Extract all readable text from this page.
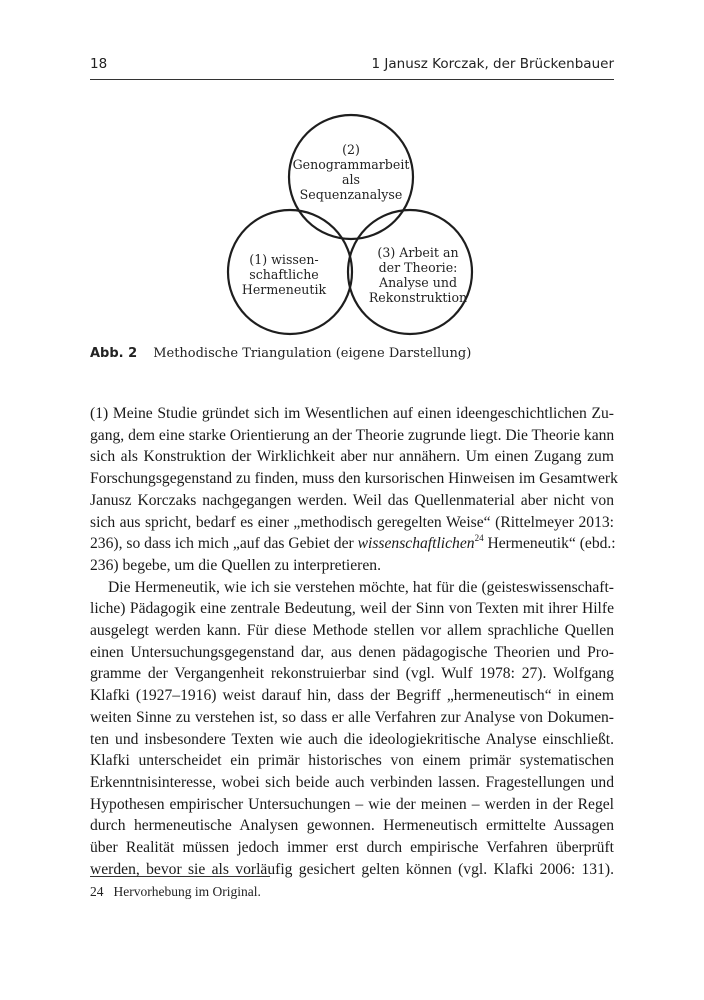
18	1 Janusz Korczak, der Brückenbauer
(2)
Genogrammarbeit
als
Sequenzanalyse
(1) wissen-
schaftliche
Hermeneutik
(3) Arbeit an
der Theorie:
Analyse und
Rekonstruktion
Abb. 2 Methodische Triangulation (eigene Darstellung)
(1) Meine Studie gründet sich im Wesentlichen auf einen ideengeschichtlichen Zu-
gang, dem eine starke Orientierung an der Theorie zugrunde liegt. Die Theorie kann
sich als Konstruktion der Wirklichkeit aber nur annähern. Um einen Zugang zum
Forschungsgegenstand zu finden, muss den kursorischen Hinweisen im Gesamtwerk
Janusz Korczaks nachgegangen werden. Weil das Quellenmaterial aber nicht von
sich aus spricht, bedarf es einer „methodisch geregelten Weise“ (Rittelmeyer 2013:
236), so dass ich mich „auf das Gebiet der wissenschaftlichen$^{24}$ Hermeneutik“ (ebd.:
236) begebe, um die Quellen zu interpretieren.
Die Hermeneutik, wie ich sie verstehen möchte, hat für die (geisteswissenschaft-
liche) Pädagogik eine zentrale Bedeutung, weil der Sinn von Texten mit ihrer Hilfe
ausgelegt werden kann. Für diese Methode stellen vor allem sprachliche Quellen
einen Untersuchungsgegenstand dar, aus denen pädagogische Theorien und Pro-
gramme der Vergangenheit rekonstruierbar sind (vgl. Wulf 1978: 27). Wolfgang
Klafki (1927–1916) weist darauf hin, dass der Begriff „hermeneutisch“ in einem
weiten Sinne zu verstehen ist, so dass er alle Verfahren zur Analyse von Dokumen-
ten und insbesondere Texten wie auch die ideologiekritische Analyse einschließt.
Klafki unterscheidet ein primär historisches von einem primär systematischen
Erkenntnisinteresse, wobei sich beide auch verbinden lassen. Fragestellungen und
Hypothesen empirischer Untersuchungen – wie der meinen – werden in der Regel
durch hermeneutische Analysen gewonnen. Hermeneutisch ermittelte Aussagen
über Realität müssen jedoch immer erst durch empirische Verfahren überprüft
werden, bevor sie als vorläufig gesichert gelten können (vgl. Klafki 2006: 131).
24 Hervorhebung im Original.
